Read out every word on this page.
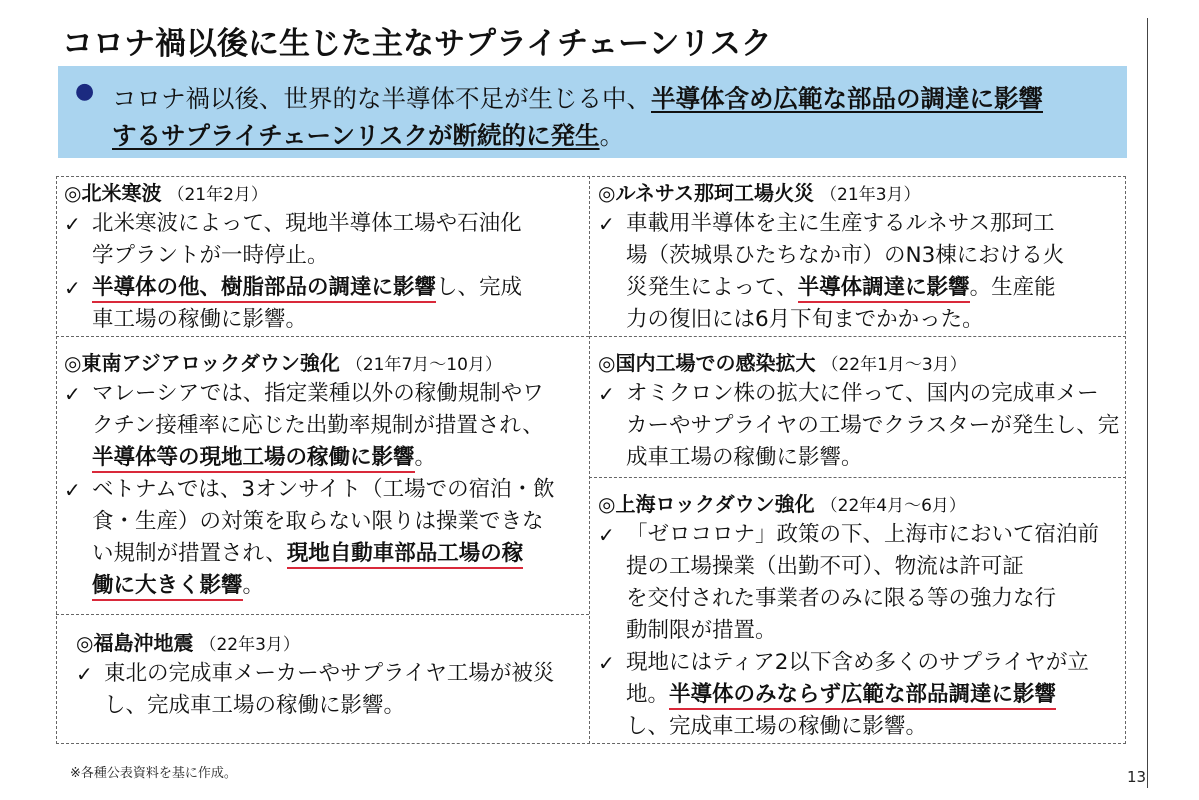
コロナ禍以後に生じた主なサプライチェーンリスク
● コロナ禍以後、世界的な半導体不足が生じる中、半導体含め広範な部品の調達に影響
するサプライチェーンリスクが断続的に発生。
◎北米寒波 （21年2月）
✓ 北米寒波によって、現地半導体工場や石油化
学プラントが一時停止。
✓ 半導体の他、樹脂部品の調達に影響し、完成
車工場の稼働に影響。
◎ルネサス那珂工場火災 （21年3月）
✓ 車載用半導体を主に生産するルネサス那珂工
場（茨城県ひたちなか市）のN3棟における火
災発生によって、半導体調達に影響。生産能
力の復旧には6月下旬までかかった。
◎東南アジアロックダウン強化 （21年7月～10月）
✓ マレーシアでは、指定業種以外の稼働規制やワ
クチン接種率に応じた出勤率規制が措置され、
半導体等の現地工場の稼働に影響。
✓ ベトナムでは、3オンサイト（工場での宿泊・飲
食・生産）の対策を取らない限りは操業できな
い規制が措置され、現地自動車部品工場の稼
働に大きく影響。
◎国内工場での感染拡大 （22年1月～3月）
✓ オミクロン株の拡大に伴って、国内の完成車メー
カーやサプライヤの工場でクラスターが発生し、完
成車工場の稼働に影響。
◎上海ロックダウン強化 （22年4月～6月）
✓ 「ゼロコロナ」政策の下、上海市において宿泊前
提の工場操業（出勤不可）、物流は許可証
を交付された事業者のみに限る等の強力な行
動制限が措置。
✓ 現地にはティア2以下含め多くのサプライヤが立
地。半導体のみならず広範な部品調達に影響
し、完成車工場の稼働に影響。
◎福島沖地震 （22年3月）
✓ 東北の完成車メーカーやサプライヤ工場が被災
し、完成車工場の稼働に影響。
※各種公表資料を基に作成。	13
